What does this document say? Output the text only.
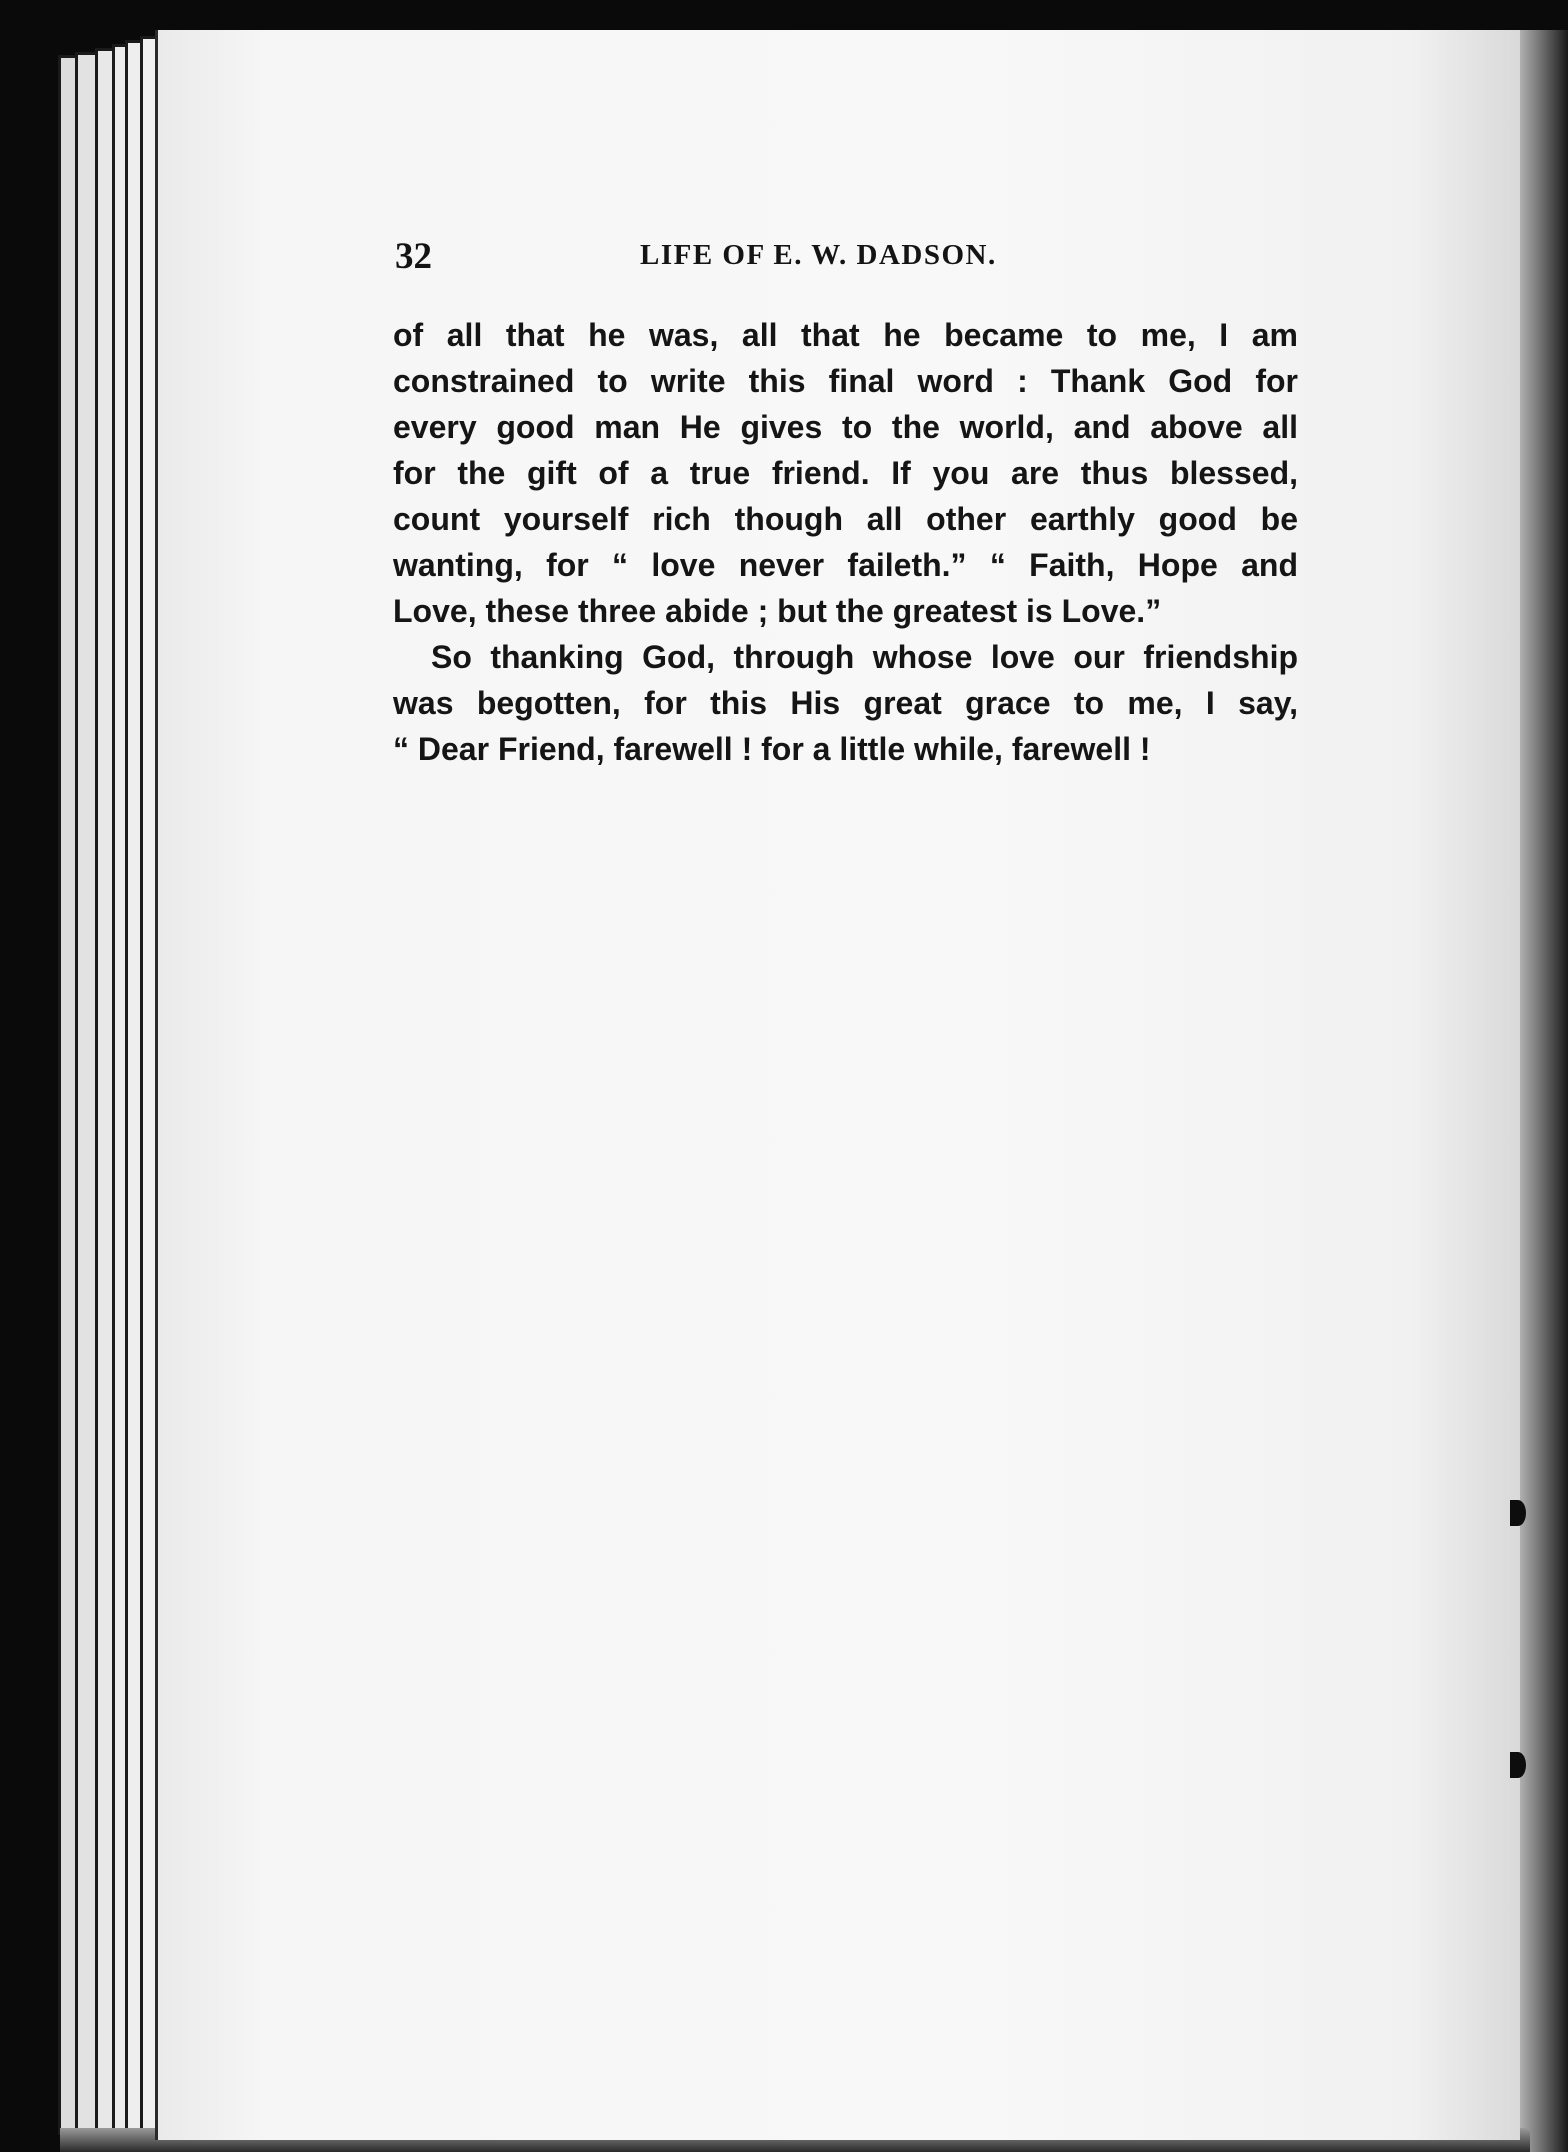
32	LIFE OF E. W. DADSON.
of all that he was, all that he became to me, I am
constrained to write this final word : Thank God for
every good man He gives to the world, and above all
for the gift of a true friend. If you are thus blessed,
count yourself rich though all other earthly good be
wanting, for “ love never faileth.” “ Faith, Hope and
Love, these three abide ; but the greatest is Love.”
So thanking God, through whose love our friendship
was begotten, for this His great grace to me, I say,
“ Dear Friend, farewell ! for a little while, farewell !
